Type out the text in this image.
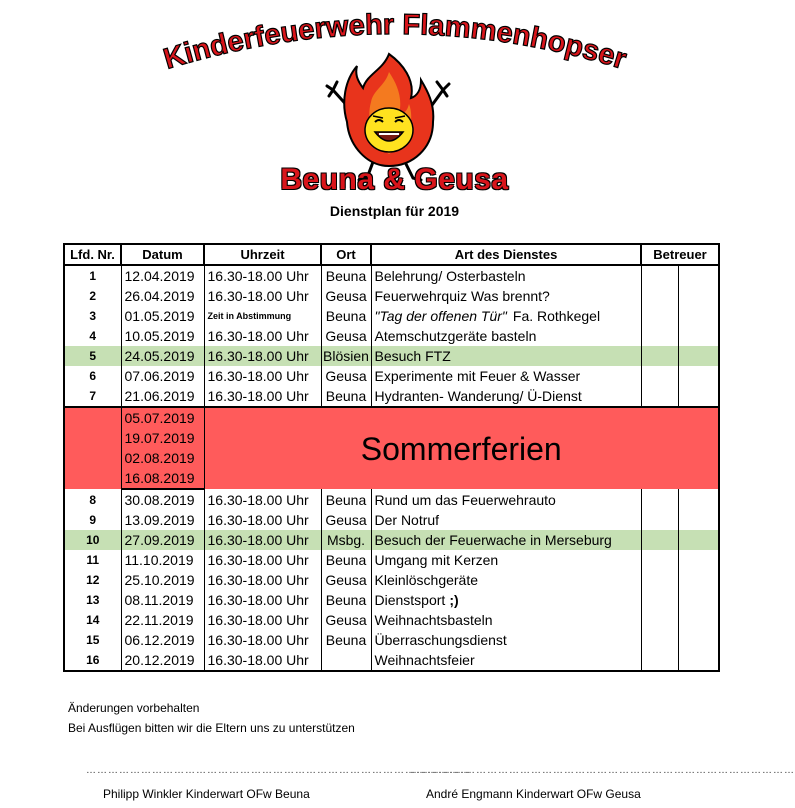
Kinderfeuerwehr Flammenhopser
Beuna & Geusa
Dienstplan für 2019
Lfd. Nr.	Datum	Uhrzeit	Ort	Art des Dienstes	Betreuer	
1	12.04.2019	16.30-18.00 Uhr	Beuna	Belehrung/ Osterbasteln		
2	26.04.2019	16.30-18.00 Uhr	Geusa	Feuerwehrquiz Was brennt?		
3	01.05.2019	Zeit in Abstimmung	Beuna	"Tag der offenen Tür" Fa. Rothkegel		
4	10.05.2019	16.30-18.00 Uhr	Geusa	Atemschutzgeräte basteln		
5	24.05.2019	16.30-18.00 Uhr	Blösien	Besuch FTZ		
6	07.06.2019	16.30-18.00 Uhr	Geusa	Experimente mit Feuer & Wasser		
7	21.06.2019	16.30-18.00 Uhr	Beuna	Hydranten- Wanderung/ Ü-Dienst		
	05.07.2019	Sommerferien				
	19.07.2019					
	02.08.2019					
	16.08.2019					
8	30.08.2019	16.30-18.00 Uhr	Beuna	Rund um das Feuerwehrauto		
9	13.09.2019	16.30-18.00 Uhr	Geusa	Der Notruf		
10	27.09.2019	16.30-18.00 Uhr	Msbg.	Besuch der Feuerwache in Merseburg		
11	11.10.2019	16.30-18.00 Uhr	Beuna	Umgang mit Kerzen		
12	25.10.2019	16.30-18.00 Uhr	Geusa	Kleinlöschgeräte		
13	08.11.2019	16.30-18.00 Uhr	Beuna	Dienstsport ;)		
14	22.11.2019	16.30-18.00 Uhr	Geusa	Weihnachtsbasteln		
15	06.12.2019	16.30-18.00 Uhr	Beuna	Überraschungsdienst		
16	20.12.2019	16.30-18.00 Uhr		Weihnachtsfeier		
Änderungen vorbehalten
Bei Ausflügen bitten wir die Eltern uns zu unterstützen
……………………………………………………………………………………………
……………………………………………………………………………………………
Philipp Winkler Kinderwart OFw Beuna	André Engmann Kinderwart OFw Geusa
